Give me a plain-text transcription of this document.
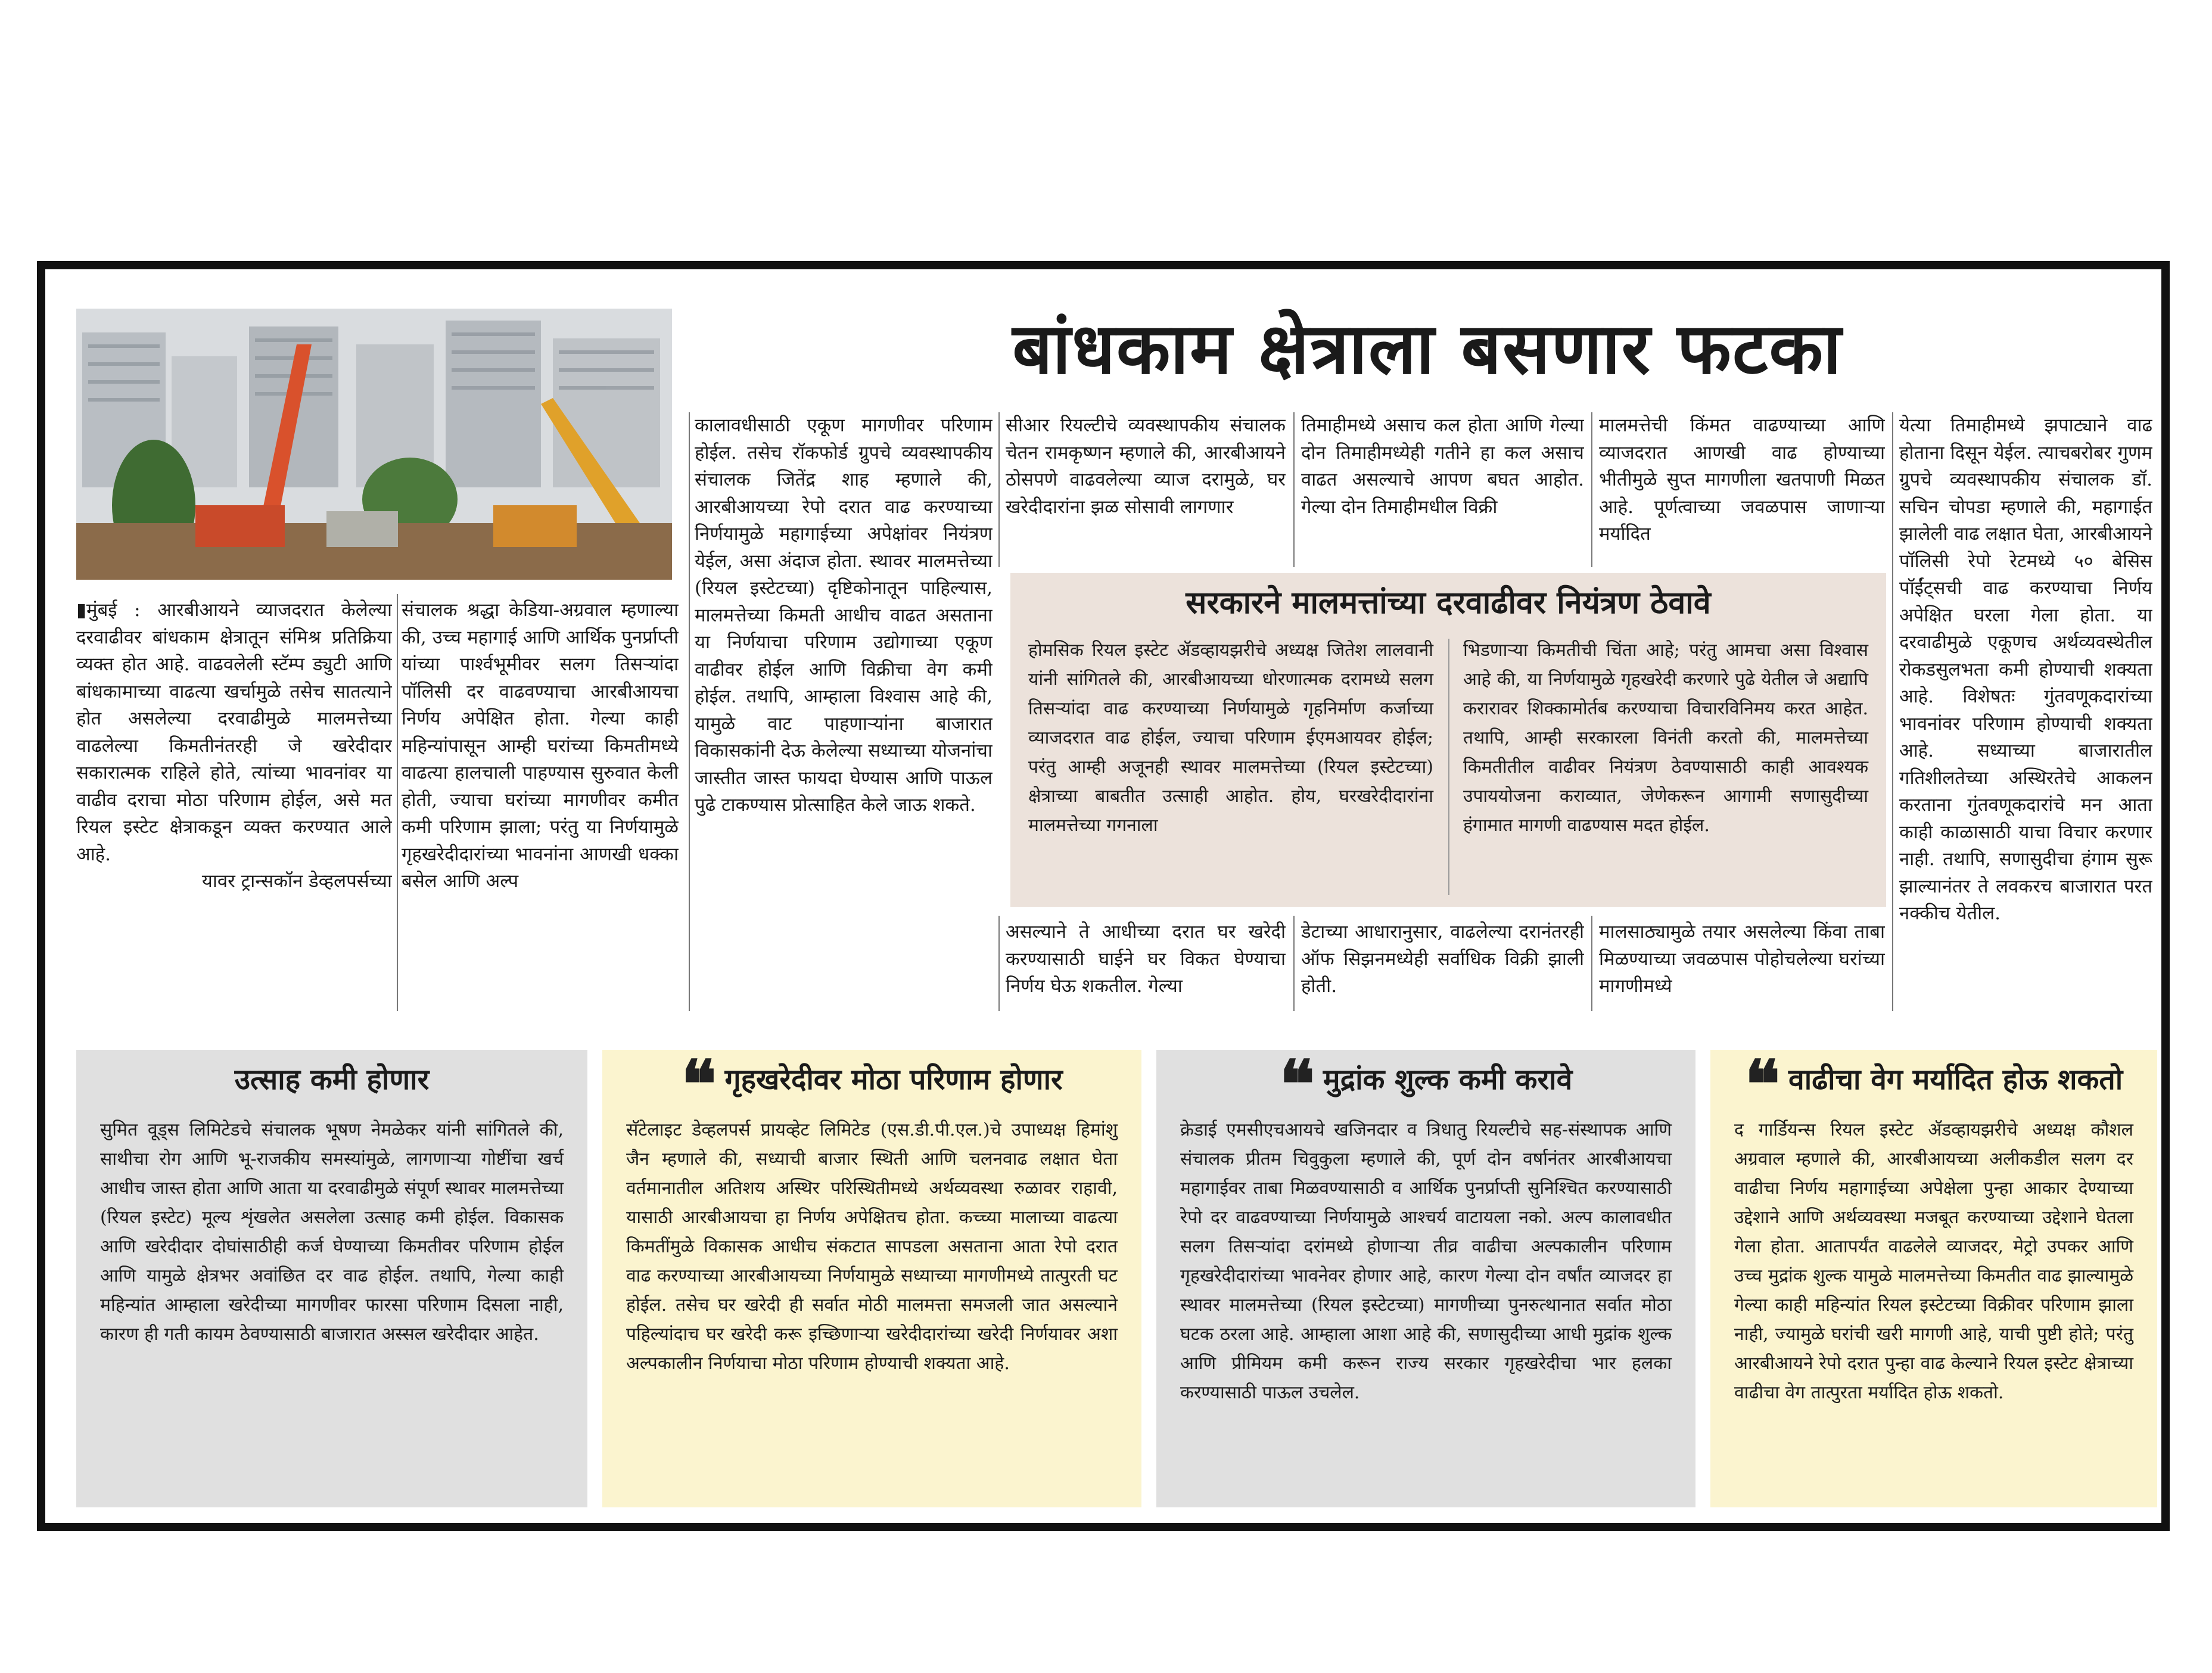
बांधकाम क्षेत्राला बसणार फटका

▮मुंबई : आरबीआयने व्याजदरात केलेल्या दरवाढीवर बांधकाम क्षेत्रातून संमिश्र प्रतिक्रिया व्यक्त होत आहे. वाढवलेली स्टॅम्प ड्युटी आणि बांधकामाच्या वाढत्या खर्चामुळे तसेच सातत्याने होत असलेल्या दरवाढीमुळे मालमत्तेच्या वाढलेल्या किमतीनंतरही जे खरेदीदार सकारात्मक राहिले होते, त्यांच्या भावनांवर या वाढीव दराचा मोठा परिणाम होईल, असे मत रियल इस्टेट क्षेत्राकडून व्यक्त करण्यात आले आहे.

यावर ट्रान्सकॉन डेव्हलपर्सच्या

संचालक श्रद्धा केडिया-अग्रवाल म्हणाल्या की, उच्च महागाई आणि आर्थिक पुनर्प्राप्ती यांच्या पार्श्वभूमीवर सलग तिसऱ्यांदा पॉलिसी दर वाढवण्याचा आरबीआयचा निर्णय अपेक्षित होता. गेल्या काही महिन्यांपासून आम्ही घरांच्या किमतीमध्ये वाढत्या हालचाली पाहण्यास सुरुवात केली होती, ज्याचा घरांच्या मागणीवर कमीत कमी परिणाम झाला; परंतु या निर्णयामुळे गृहखरेदीदारांच्या भावनांना आणखी धक्का बसेल आणि अल्प

कालावधीसाठी एकूण मागणीवर परिणाम होईल. तसेच रॉकफोर्ड ग्रुपचे व्यवस्थापकीय संचालक जितेंद्र शाह म्हणाले की, आरबीआयच्या रेपो दरात वाढ करण्याच्या निर्णयामुळे महागाईच्या अपेक्षांवर नियंत्रण येईल, असा अंदाज होता. स्थावर मालमत्तेच्या (रियल इस्टेटच्या) दृष्टिकोनातून पाहिल्यास, मालमत्तेच्या किमती आधीच वाढत असताना या निर्णयाचा परिणाम उद्योगाच्या एकूण वाढीवर होईल आणि विक्रीचा वेग कमी होईल. तथापि, आम्हाला विश्वास आहे की, यामुळे वाट पाहणाऱ्यांना बाजारात विकासकांनी देऊ केलेल्या सध्याच्या योजनांचा जास्तीत जास्त फायदा घेण्यास आणि पाऊल पुढे टाकण्यास प्रोत्साहित केले जाऊ शकते.

सीआर रियल्टीचे व्यवस्थापकीय संचालक चेतन रामकृष्णन म्हणाले की, आरबीआयने ठोसपणे वाढवलेल्या व्याज दरामुळे, घर खरेदीदारांना झळ सोसावी लागणार

तिमाहीमध्ये असाच कल होता आणि गेल्या दोन तिमाहीमध्येही गतीने हा कल असाच वाढत असल्याचे आपण बघत आहोत. गेल्या दोन तिमाहीमधील विक्री

मालमत्तेची किंमत वाढण्याच्या आणि व्याजदरात आणखी वाढ होण्याच्या भीतीमुळे सुप्त मागणीला खतपाणी मिळत आहे. पूर्णत्वाच्या जवळपास जाणाऱ्या मर्यादित

येत्या तिमाहीमध्ये झपाट्याने वाढ होताना दिसून येईल. त्याचबरोबर गुणम ग्रुपचे व्यवस्थापकीय संचालक डॉ. सचिन चोपडा म्हणाले की, महागाईत झालेली वाढ लक्षात घेता, आरबीआयने पॉलिसी रेपो रेटमध्ये ५० बेसिस पॉईंट्सची वाढ करण्याचा निर्णय अपेक्षित घरला गेला होता. या दरवाढीमुळे एकूणच अर्थव्यवस्थेतील रोकडसुलभता कमी होण्याची शक्यता आहे. विशेषतः गुंतवणूकदारांच्या भावनांवर परिणाम होण्याची शक्यता आहे. सध्याच्या बाजारातील गतिशीलतेच्या अस्थिरतेचे आकलन करताना गुंतवणूकदारांचे मन आता काही काळासाठी याचा विचार करणार नाही. तथापि, सणासुदीचा हंगाम सुरू झाल्यानंतर ते लवकरच बाजारात परत नक्कीच येतील.

सरकारने मालमत्तांच्या दरवाढीवर नियंत्रण ठेवावे
होमसिक रियल इस्टेट ॲडव्हायझरीचे अध्यक्ष जितेश लालवानी यांनी सांगितले की, आरबीआयच्या धोरणात्मक दरामध्ये सलग तिसऱ्यांदा वाढ करण्याच्या निर्णयामुळे गृहनिर्माण कर्जाच्या व्याजदरात वाढ होईल, ज्याचा परिणाम ईएमआयवर होईल; परंतु आम्ही अजूनही स्थावर मालमत्तेच्या (रियल इस्टेटच्या) क्षेत्राच्या बाबतीत उत्साही आहोत. होय, घरखरेदीदारांना मालमत्तेच्या गगनाला
भिडणाऱ्या किमतीची चिंता आहे; परंतु आमचा असा विश्वास आहे की, या निर्णयामुळे गृहखरेदी करणारे पुढे येतील जे अद्यापि करारावर शिक्कामोर्तब करण्याचा विचारविनिमय करत आहेत. तथापि, आम्ही सरकारला विनंती करतो की, मालमत्तेच्या किमतीतील वाढीवर नियंत्रण ठेवण्यासाठी काही आवश्यक उपाययोजना कराव्यात, जेणेकरून आगामी सणासुदीच्या हंगामात मागणी वाढण्यास मदत होईल.

असल्याने ते आधीच्या दरात घर खरेदी करण्यासाठी घाईने घर विकत घेण्याचा निर्णय घेऊ शकतील. गेल्या

डेटाच्या आधारानुसार, वाढलेल्या दरानंतरही ऑफ सिझनमध्येही सर्वाधिक विक्री झाली होती.

मालसाठ्यामुळे तयार असलेल्या किंवा ताबा मिळण्याच्या जवळपास पोहोचलेल्या घरांच्या मागणीमध्ये

उत्साह कमी होणार
सुमित वूड्स लिमिटेडचे संचालक भूषण नेमळेकर यांनी सांगितले की, साथीचा रोग आणि भू-राजकीय समस्यांमुळे, लागणाऱ्या गोष्टींचा खर्च आधीच जास्त होता आणि आता या दरवाढीमुळे संपूर्ण स्थावर मालमत्तेच्या (रियल इस्टेट) मूल्य शृंखलेत असलेला उत्साह कमी होईल. विकासक आणि खरेदीदार दोघांसाठीही कर्ज घेण्याच्या किमतीवर परिणाम होईल आणि यामुळे क्षेत्रभर अवांछित दर वाढ होईल. तथापि, गेल्या काही महिन्यांत आम्हाला खरेदीच्या मागणीवर फारसा परिणाम दिसला नाही, कारण ही गती कायम ठेवण्यासाठी बाजारात अस्सल खरेदीदार आहेत.
❝ गृहखरेदीवर मोठा परिणाम होणार
सॅटेलाइट डेव्हलपर्स प्रायव्हेट लिमिटेड (एस.डी.पी.एल.)चे उपाध्यक्ष हिमांशु जैन म्हणाले की, सध्याची बाजार स्थिती आणि चलनवाढ लक्षात घेता वर्तमानातील अतिशय अस्थिर परिस्थितीमध्ये अर्थव्यवस्था रुळावर राहावी, यासाठी आरबीआयचा हा निर्णय अपेक्षितच होता. कच्च्या मालाच्या वाढत्या किमतींमुळे विकासक आधीच संकटात सापडला असताना आता रेपो दरात वाढ करण्याच्या आरबीआयच्या निर्णयामुळे सध्याच्या मागणीमध्ये तात्पुरती घट होईल. तसेच घर खरेदी ही सर्वात मोठी मालमत्ता समजली जात असल्याने पहिल्यांदाच घर खरेदी करू इच्छिणाऱ्या खरेदीदारांच्या खरेदी निर्णयावर अशा अल्पकालीन निर्णयाचा मोठा परिणाम होण्याची शक्यता आहे.
❝ मुद्रांक शुल्क कमी करावे
क्रेडाई एमसीएचआयचे खजिनदार व त्रिधातु रियल्टीचे सह-संस्थापक आणि संचालक प्रीतम चिवुकुला म्हणाले की, पूर्ण दोन वर्षानंतर आरबीआयचा महागाईवर ताबा मिळवण्यासाठी व आर्थिक पुनर्प्राप्ती सुनिश्चित करण्यासाठी रेपो दर वाढवण्याच्या निर्णयामुळे आश्चर्य वाटायला नको. अल्प कालावधीत सलग तिसऱ्यांदा दरांमध्ये होणाऱ्या तीव्र वाढीचा अल्पकालीन परिणाम गृहखरेदीदारांच्या भावनेवर होणार आहे, कारण गेल्या दोन वर्षांत व्याजदर हा स्थावर मालमत्तेच्या (रियल इस्टेटच्या) मागणीच्या पुनरुत्थानात सर्वात मोठा घटक ठरला आहे. आम्हाला आशा आहे की, सणासुदीच्या आधी मुद्रांक शुल्क आणि प्रीमियम कमी करून राज्य सरकार गृहखरेदीचा भार हलका करण्यासाठी पाऊल उचलेल.
❝ वाढीचा वेग मर्यादित होऊ शकतो
द गार्डियन्स रियल इस्टेट ॲडव्हायझरीचे अध्यक्ष कौशल अग्रवाल म्हणाले की, आरबीआयच्या अलीकडील सलग दर वाढीचा निर्णय महागाईच्या अपेक्षेला पुन्हा आकार देण्याच्या उद्देशाने आणि अर्थव्यवस्था मजबूत करण्याच्या उद्देशाने घेतला गेला होता. आतापर्यंत वाढलेले व्याजदर, मेट्रो उपकर आणि उच्च मुद्रांक शुल्क यामुळे मालमत्तेच्या किमतीत वाढ झाल्यामुळे गेल्या काही महिन्यांत रियल इस्टेटच्या विक्रीवर परिणाम झाला नाही, ज्यामुळे घरांची खरी मागणी आहे, याची पुष्टी होते; परंतु आरबीआयने रेपो दरात पुन्हा वाढ केल्याने रियल इस्टेट क्षेत्राच्या वाढीचा वेग तात्पुरता मर्यादित होऊ शकतो.
